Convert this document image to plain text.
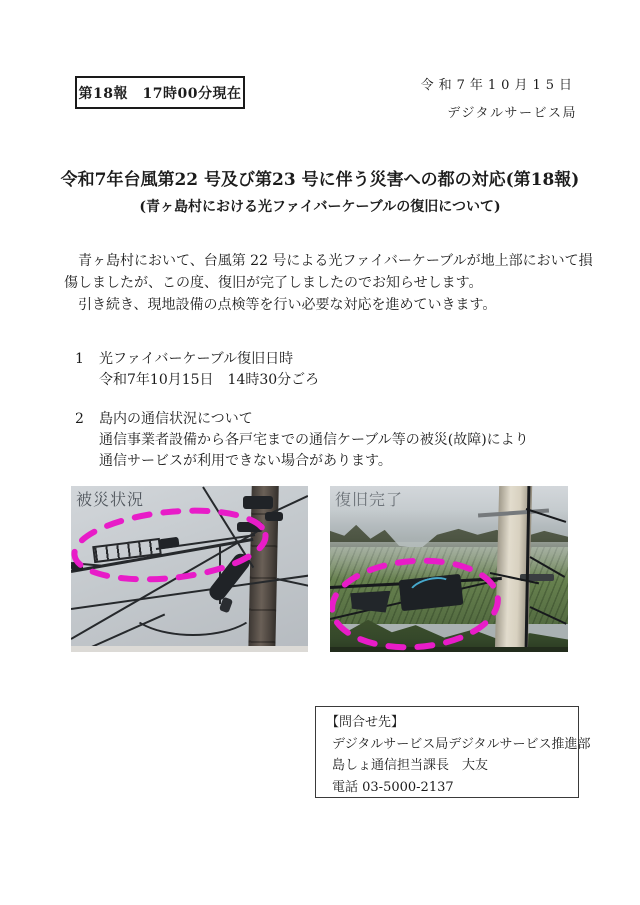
第18報　17時00分現在	令和7年10月15日
デジタルサービス局
令和7年台風第22 号及び第23 号に伴う災害への都の対応(第18報)
(青ヶ島村における光ファイバーケーブルの復旧について)
　青ヶ島村において、台風第 22 号による光ファイバーケーブルが地上部において損
傷しましたが、この度、復旧が完了しましたのでお知らせします。
　引き続き、現地設備の点検等を行い必要な対応を進めていきます。
1 光ファイバーケーブル復旧日時
令和7年10月15日　14時30分ごろ
2 島内の通信状況について
通信事業者設備から各戸宅までの通信ケーブル等の被災(故障)により
通信サービスが利用できない場合があります。
被災状況	復旧完了
【問合せ先】
デジタルサービス局デジタルサービス推進部
島しょ通信担当課長　大友
電話 03-5000-2137
